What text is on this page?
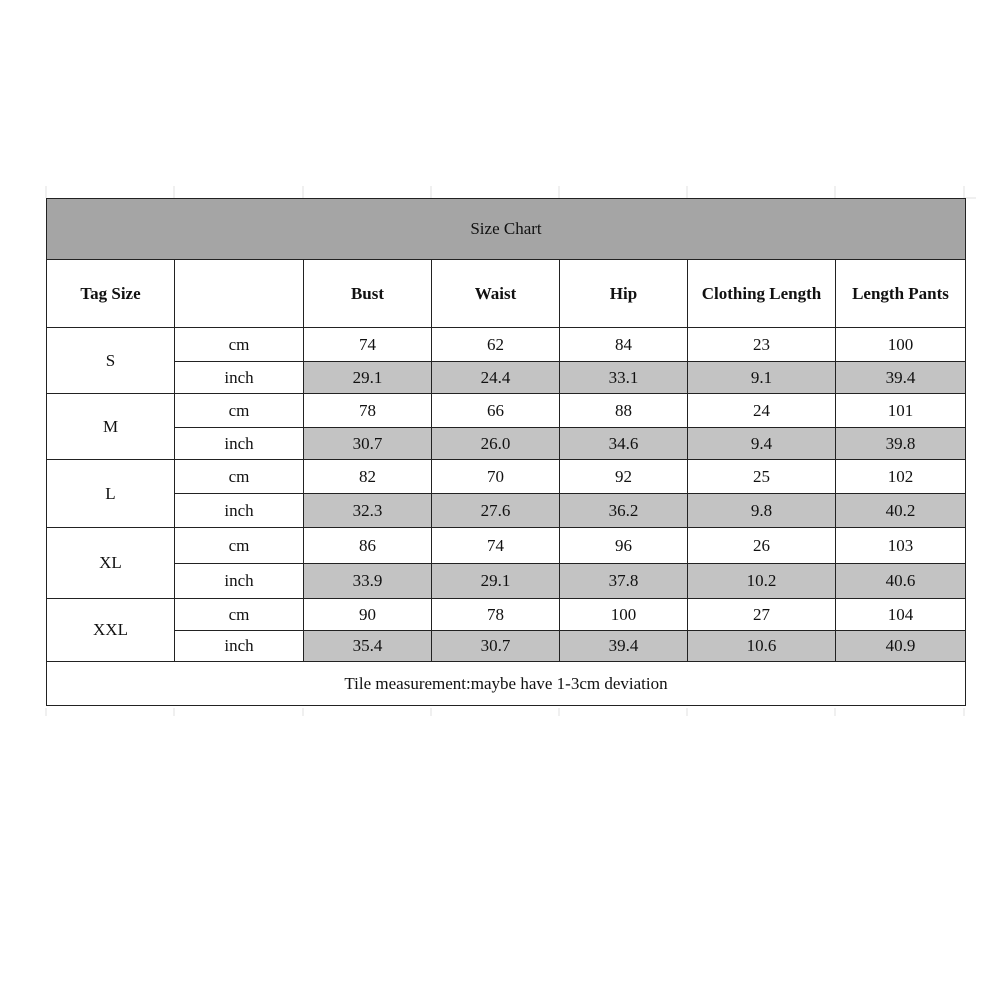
Size Chart						
Tag Size		Bust	Waist	Hip	Clothing Length	Length Pants
S	cm	74	62	84	23	100
	inch	29.1	24.4	33.1	9.1	39.4
M	cm	78	66	88	24	101
	inch	30.7	26.0	34.6	9.4	39.8
L	cm	82	70	92	25	102
	inch	32.3	27.6	36.2	9.8	40.2
XL	cm	86	74	96	26	103
	inch	33.9	29.1	37.8	10.2	40.6
XXL	cm	90	78	100	27	104
	inch	35.4	30.7	39.4	10.6	40.9
Tile measurement:maybe have 1-3cm deviation						
